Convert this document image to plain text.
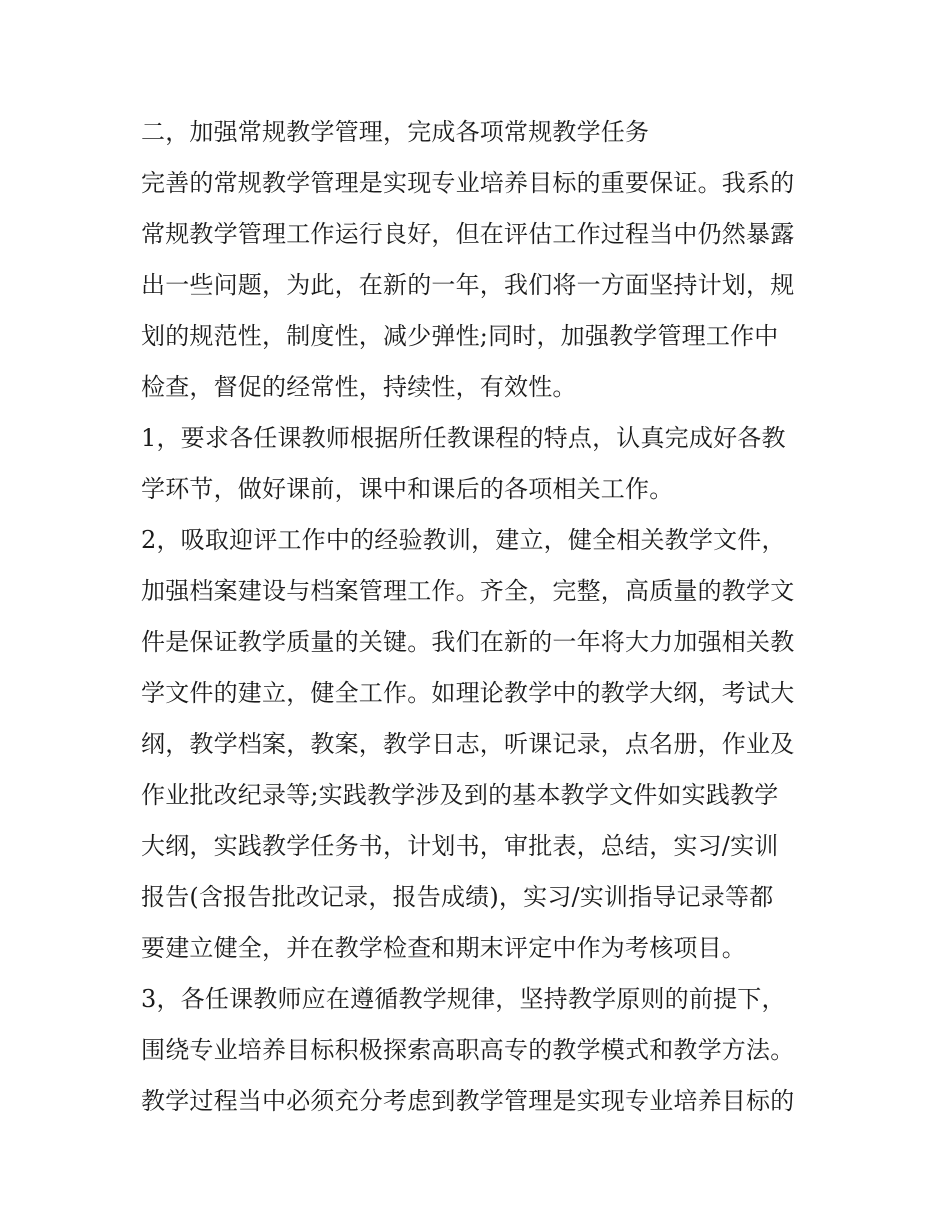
二，加强常规教学管理，完成各项常规教学任务
完善的常规教学管理是实现专业培养目标的重要保证。我系的
常规教学管理工作运行良好，但在评估工作过程当中仍然暴露
出一些问题，为此，在新的一年，我们将一方面坚持计划，规
划的规范性，制度性，减少弹性;同时，加强教学管理工作中
检查，督促的经常性，持续性，有效性。
1，要求各任课教师根据所任教课程的特点，认真完成好各教
学环节，做好课前，课中和课后的各项相关工作。
2，吸取迎评工作中的经验教训，建立，健全相关教学文件，
加强档案建设与档案管理工作。齐全，完整，高质量的教学文
件是保证教学质量的关键。我们在新的一年将大力加强相关教
学文件的建立，健全工作。如理论教学中的教学大纲，考试大
纲，教学档案，教案，教学日志，听课记录，点名册，作业及
作业批改纪录等;实践教学涉及到的基本教学文件如实践教学
大纲，实践教学任务书，计划书，审批表，总结，实习/实训
报告(含报告批改记录，报告成绩)，实习/实训指导记录等都
要建立健全，并在教学检查和期末评定中作为考核项目。
3，各任课教师应在遵循教学规律，坚持教学原则的前提下，
围绕专业培养目标积极探索高职高专的教学模式和教学方法。
教学过程当中必须充分考虑到教学管理是实现专业培养目标的
